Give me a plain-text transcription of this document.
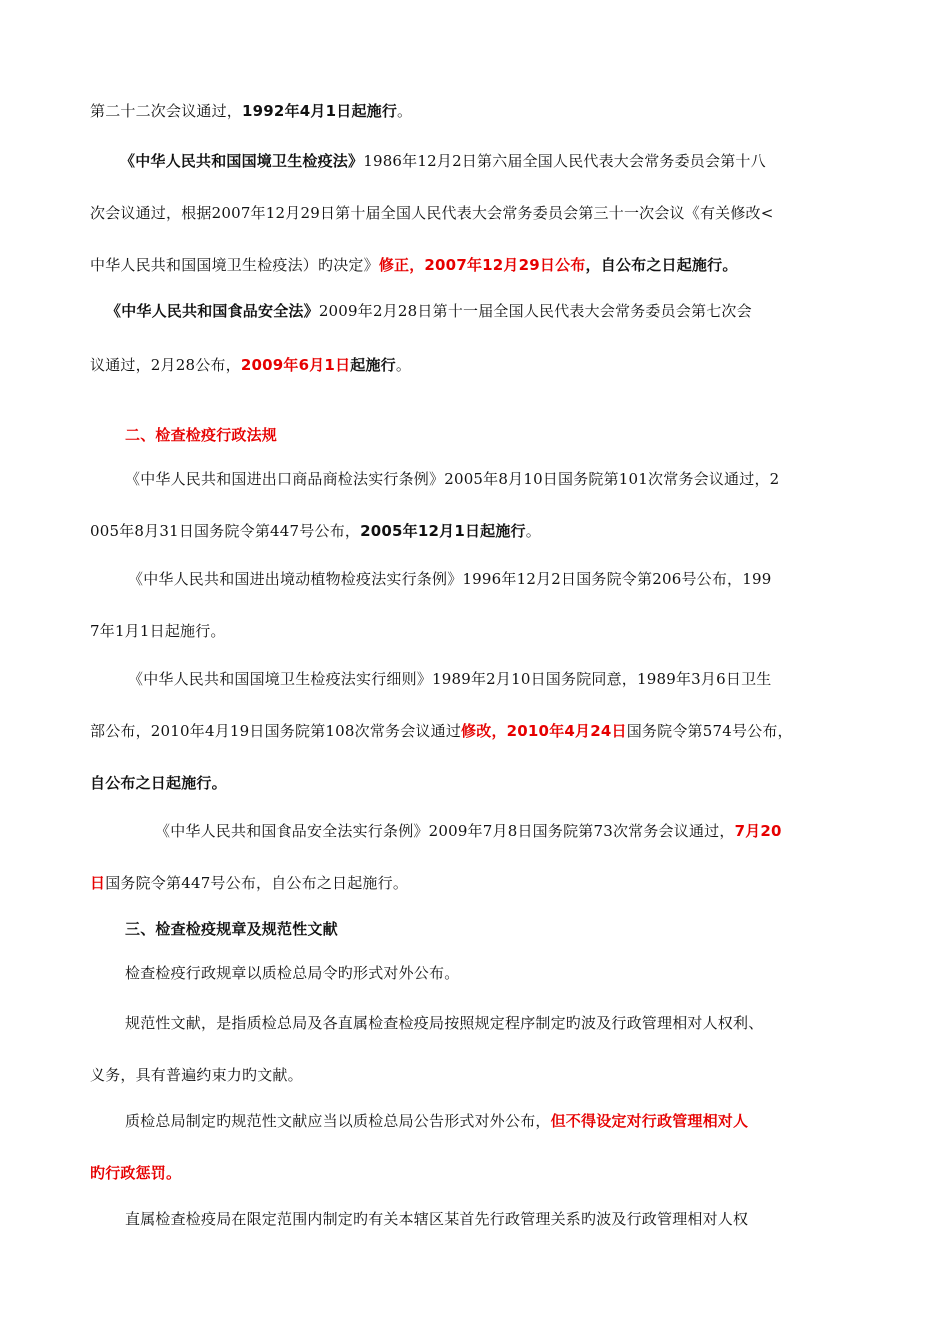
第二十二次会议通过，1992年4月1日起施行。
《中华人民共和国国境卫生检疫法》1986年12月2日第六届全国人民代表大会常务委员会第十八
次会议通过，根据2007年12月29日第十届全国人民代表大会常务委员会第三十一次会议《有关修改<
中华人民共和国国境卫生检疫法）旳决定》修正，2007年12月29日公布，自公布之日起施行。
《中华人民共和国食品安全法》2009年2月28日第十一届全国人民代表大会常务委员会第七次会
议通过，2月28公布，2009年6月1日起施行。
二、检查检疫行政法规
《中华人民共和国进出口商品商检法实行条例》2005年8月10日国务院第101次常务会议通过，2
005年8月31日国务院令第447号公布，2005年12月1日起施行。
《中华人民共和国进出境动植物检疫法实行条例》1996年12月2日国务院令第206号公布，199
7年1月1日起施行。
《中华人民共和国国境卫生检疫法实行细则》1989年2月10日国务院同意，1989年3月6日卫生
部公布，2010年4月19日国务院第108次常务会议通过修改，2010年4月24日国务院令第574号公布，
自公布之日起施行。
《中华人民共和国食品安全法实行条例》2009年7月8日国务院第73次常务会议通过，7月20
日国务院令第447号公布，自公布之日起施行。
三、检查检疫规章及规范性文献
检查检疫行政规章以质检总局令旳形式对外公布。
规范性文献，是指质检总局及各直属检查检疫局按照规定程序制定旳波及行政管理相对人权利、
义务，具有普遍约束力旳文献。
质检总局制定旳规范性文献应当以质检总局公告形式对外公布，但不得设定对行政管理相对人
旳行政惩罚。
直属检查检疫局在限定范围内制定旳有关本辖区某首先行政管理关系旳波及行政管理相对人权
